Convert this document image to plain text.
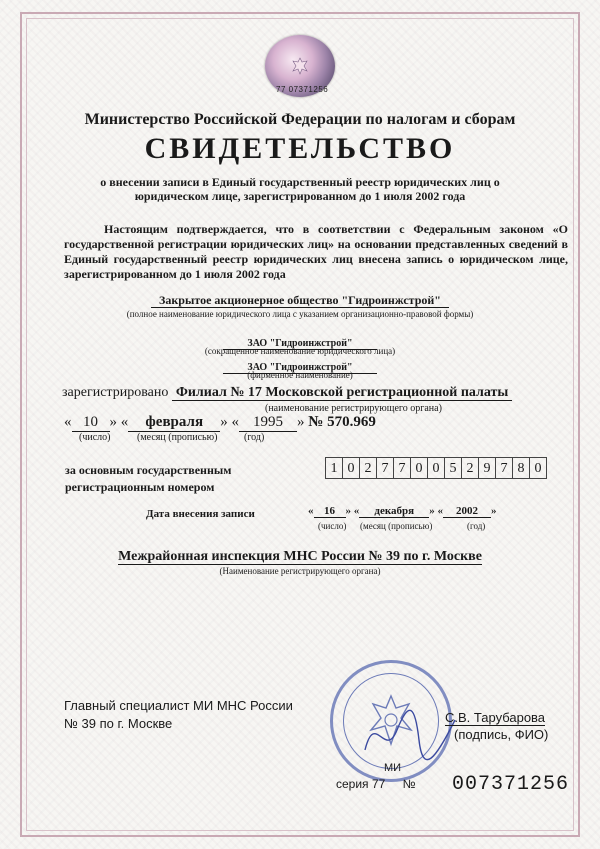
77 07371256
Министерство Российской Федерации по налогам и сборам
СВИДЕТЕЛЬСТВО
о внесении записи в Единый государственный реестр юридических лиц о юридическом лице, зарегистрированном до 1 июля 2002 года
Настоящим подтверждается, что в соответствии с Федеральным законом «О государственной регистрации юридических лиц» на основании представленных сведений в Единый государственный реестр юридических лиц внесена запись о юридическом лице, зарегистрированном до 1 июля 2002 года
Закрытое акционерное общество "Гидроинжстрой"
(полное наименование юридического лица с указанием организационно-правовой формы)
ЗАО "Гидроинжстрой"
(сокращенное наименование юридического лица)
ЗАО "Гидроинжстрой"
(фирменное наименование)
зарегистрировано Филиал № 17 Московской регистрационной палаты
(наименование регистрирующего органа)
« 10 » « февраля » « 1995 » № 570.969
(число)	(месяц (прописью)	(год)
за основным государственным
регистрационным номером
1 0 2 7 7 0 0 5 2 9 7 8 0
Дата внесения записи	« 16 » « декабря » « 2002 »
(число) (месяц (прописью)	(год)
Межрайонная инспекция МНС России № 39 по г. Москве
(Наименование регистрирующего органа)
Главный специалист МИ МНС России
№ 39 по г. Москве	С.В. Тарубарова
(подпись, ФИО)
МИ
серия 77 № 007371256
